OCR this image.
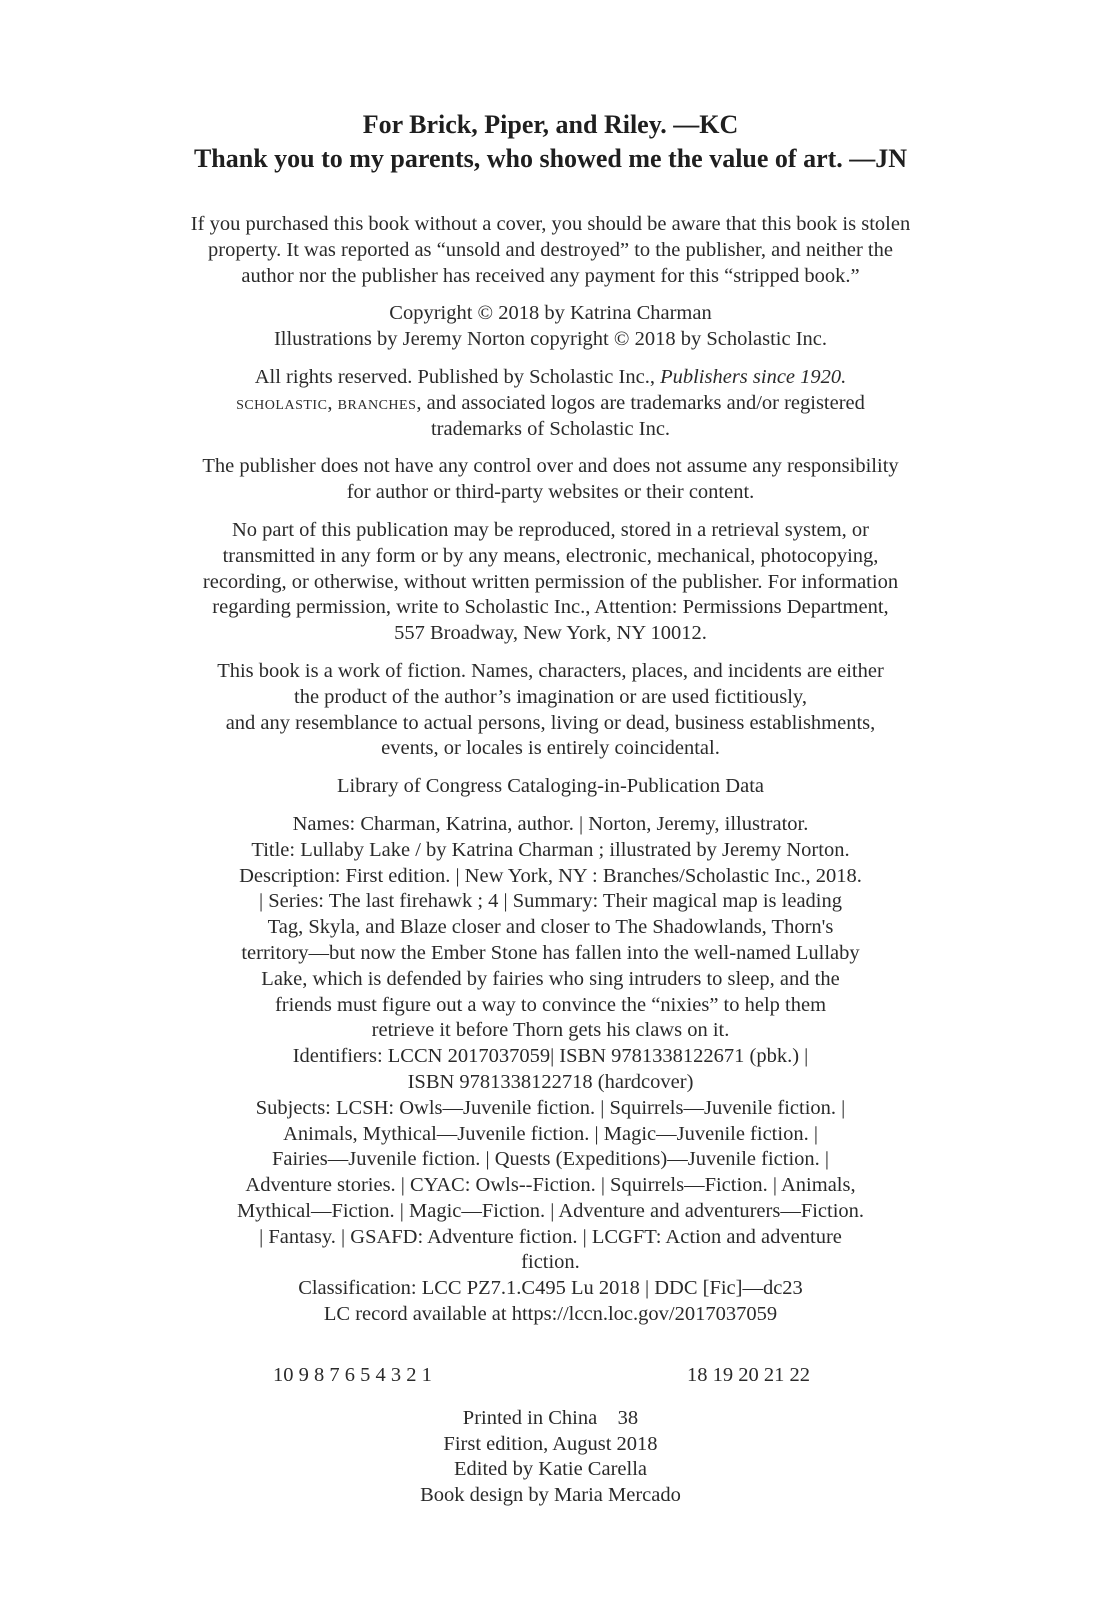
For Brick, Piper, and Riley. —KC
Thank you to my parents, who showed me the value of art. —JN
If you purchased this book without a cover, you should be aware that this book is stolen
property. It was reported as “unsold and destroyed” to the publisher, and neither the
author nor the publisher has received any payment for this “stripped book.”
Copyright © 2018 by Katrina Charman
Illustrations by Jeremy Norton copyright © 2018 by Scholastic Inc.
All rights reserved. Published by Scholastic Inc., Publishers since 1920.
scholastic, branches, and associated logos are trademarks and/or registered
trademarks of Scholastic Inc.
The publisher does not have any control over and does not assume any responsibility
for author or third-party websites or their content.
No part of this publication may be reproduced, stored in a retrieval system, or
transmitted in any form or by any means, electronic, mechanical, photocopying,
recording, or otherwise, without written permission of the publisher. For information
regarding permission, write to Scholastic Inc., Attention: Permissions Department,
557 Broadway, New York, NY 10012.
This book is a work of fiction. Names, characters, places, and incidents are either
the product of the author’s imagination or are used fictitiously,
and any resemblance to actual persons, living or dead, business establishments,
events, or locales is entirely coincidental.
Library of Congress Cataloging-in-Publication Data
Names: Charman, Katrina, author. | Norton, Jeremy, illustrator.
Title: Lullaby Lake / by Katrina Charman ; illustrated by Jeremy Norton.
Description: First edition. | New York, NY : Branches/Scholastic Inc., 2018.
| Series: The last firehawk ; 4 | Summary: Their magical map is leading
Tag, Skyla, and Blaze closer and closer to The Shadowlands, Thorn's
territory—but now the Ember Stone has fallen into the well-named Lullaby
Lake, which is defended by fairies who sing intruders to sleep, and the
friends must figure out a way to convince the “nixies” to help them
retrieve it before Thorn gets his claws on it.
Identifiers: LCCN 2017037059| ISBN 9781338122671 (pbk.) |
ISBN 9781338122718 (hardcover)
Subjects: LCSH: Owls—Juvenile fiction. | Squirrels—Juvenile fiction. |
Animals, Mythical—Juvenile fiction. | Magic—Juvenile fiction. |
Fairies—Juvenile fiction. | Quests (Expeditions)—Juvenile fiction. |
Adventure stories. | CYAC: Owls--Fiction. | Squirrels—Fiction. | Animals,
Mythical—Fiction. | Magic—Fiction. | Adventure and adventurers—Fiction.
| Fantasy. | GSAFD: Adventure fiction. | LCGFT: Action and adventure
fiction.
Classification: LCC PZ7.1.C495 Lu 2018 | DDC [Fic]—dc23
LC record available at https://lccn.loc.gov/2017037059
10 9 8 7 6 5 4 3 2 1	18 19 20 21 22
Printed in China    38
First edition, August 2018
Edited by Katie Carella
Book design by Maria Mercado
